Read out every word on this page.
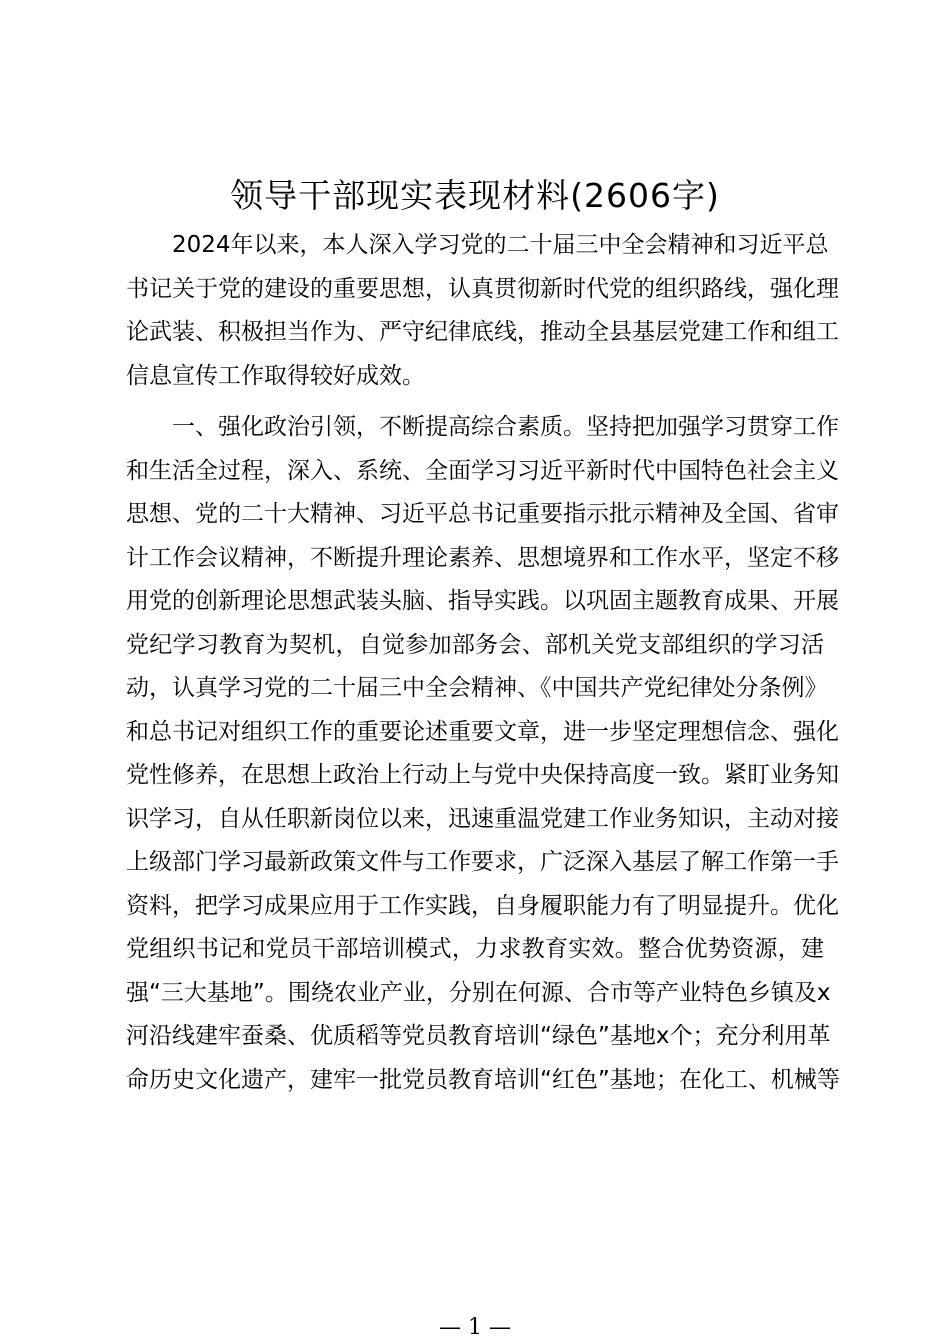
领导干部现实表现材料(2606字)
2024年以来，本人深入学习党的二十届三中全会精神和习近平总
书记关于党的建设的重要思想，认真贯彻新时代党的组织路线，强化理
论武装、积极担当作为、严守纪律底线，推动全县基层党建工作和组工
信息宣传工作取得较好成效。
一、强化政治引领，不断提高综合素质。坚持把加强学习贯穿工作
和生活全过程，深入、系统、全面学习习近平新时代中国特色社会主义
思想、党的二十大精神、习近平总书记重要指示批示精神及全国、省审
计工作会议精神，不断提升理论素养、思想境界和工作水平，坚定不移
用党的创新理论思想武装头脑、指导实践。以巩固主题教育成果、开展
党纪学习教育为契机，自觉参加部务会、部机关党支部组织的学习活
动，认真学习党的二十届三中全会精神、《中国共产党纪律处分条例》
和总书记对组织工作的重要论述重要文章，进一步坚定理想信念、强化
党性修养，在思想上政治上行动上与党中央保持高度一致。紧盯业务知
识学习，自从任职新岗位以来，迅速重温党建工作业务知识，主动对接
上级部门学习最新政策文件与工作要求，广泛深入基层了解工作第一手
资料，把学习成果应用于工作实践，自身履职能力有了明显提升。优化
党组织书记和党员干部培训模式，力求教育实效。整合优势资源，建
强“三大基地”。围绕农业产业，分别在何源、合市等产业特色乡镇及x
河沿线建牢蚕桑、优质稻等党员教育培训“绿色”基地x个；充分利用革
命历史文化遗产，建牢一批党员教育培训“红色”基地；在化工、机械等
— 1 —
